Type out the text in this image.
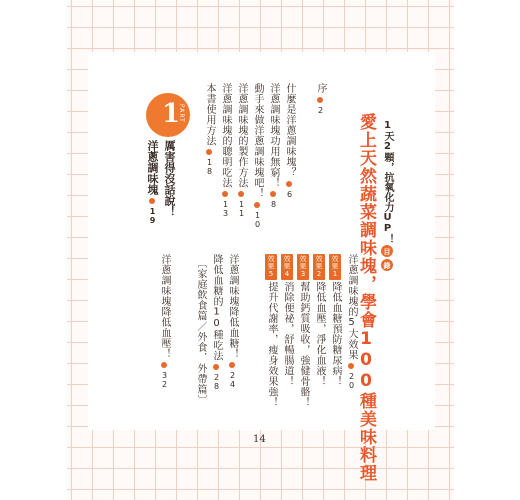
1天2顆，抗氧化力UP！目錄
愛上天然蔬菜調味塊，學會100種美味料理
序2
什麼是洋蔥調味塊？6
洋蔥調味塊功用無窮！8
動手來做洋蔥調味塊吧！10
洋蔥調味塊的製作方法11
洋蔥調味塊的聰明吃法13
本書使用方法18
1
PART
厲害得沒話說！
洋蔥調味塊19
洋蔥調味塊的5大效果20
效果1降低血糖預防糖尿病！
效果2降低血壓，淨化血液！
效果3幫助鈣質吸收，強健骨骼！
效果4消除便祕，舒暢腸道！
效果5提升代謝率，瘦身效果強！
洋蔥調味塊降低血糖！24
降低血糖的10種吃法28
〔家庭飲食篇／外食．外帶篇〕
洋蔥調味塊降低血壓！32
14
